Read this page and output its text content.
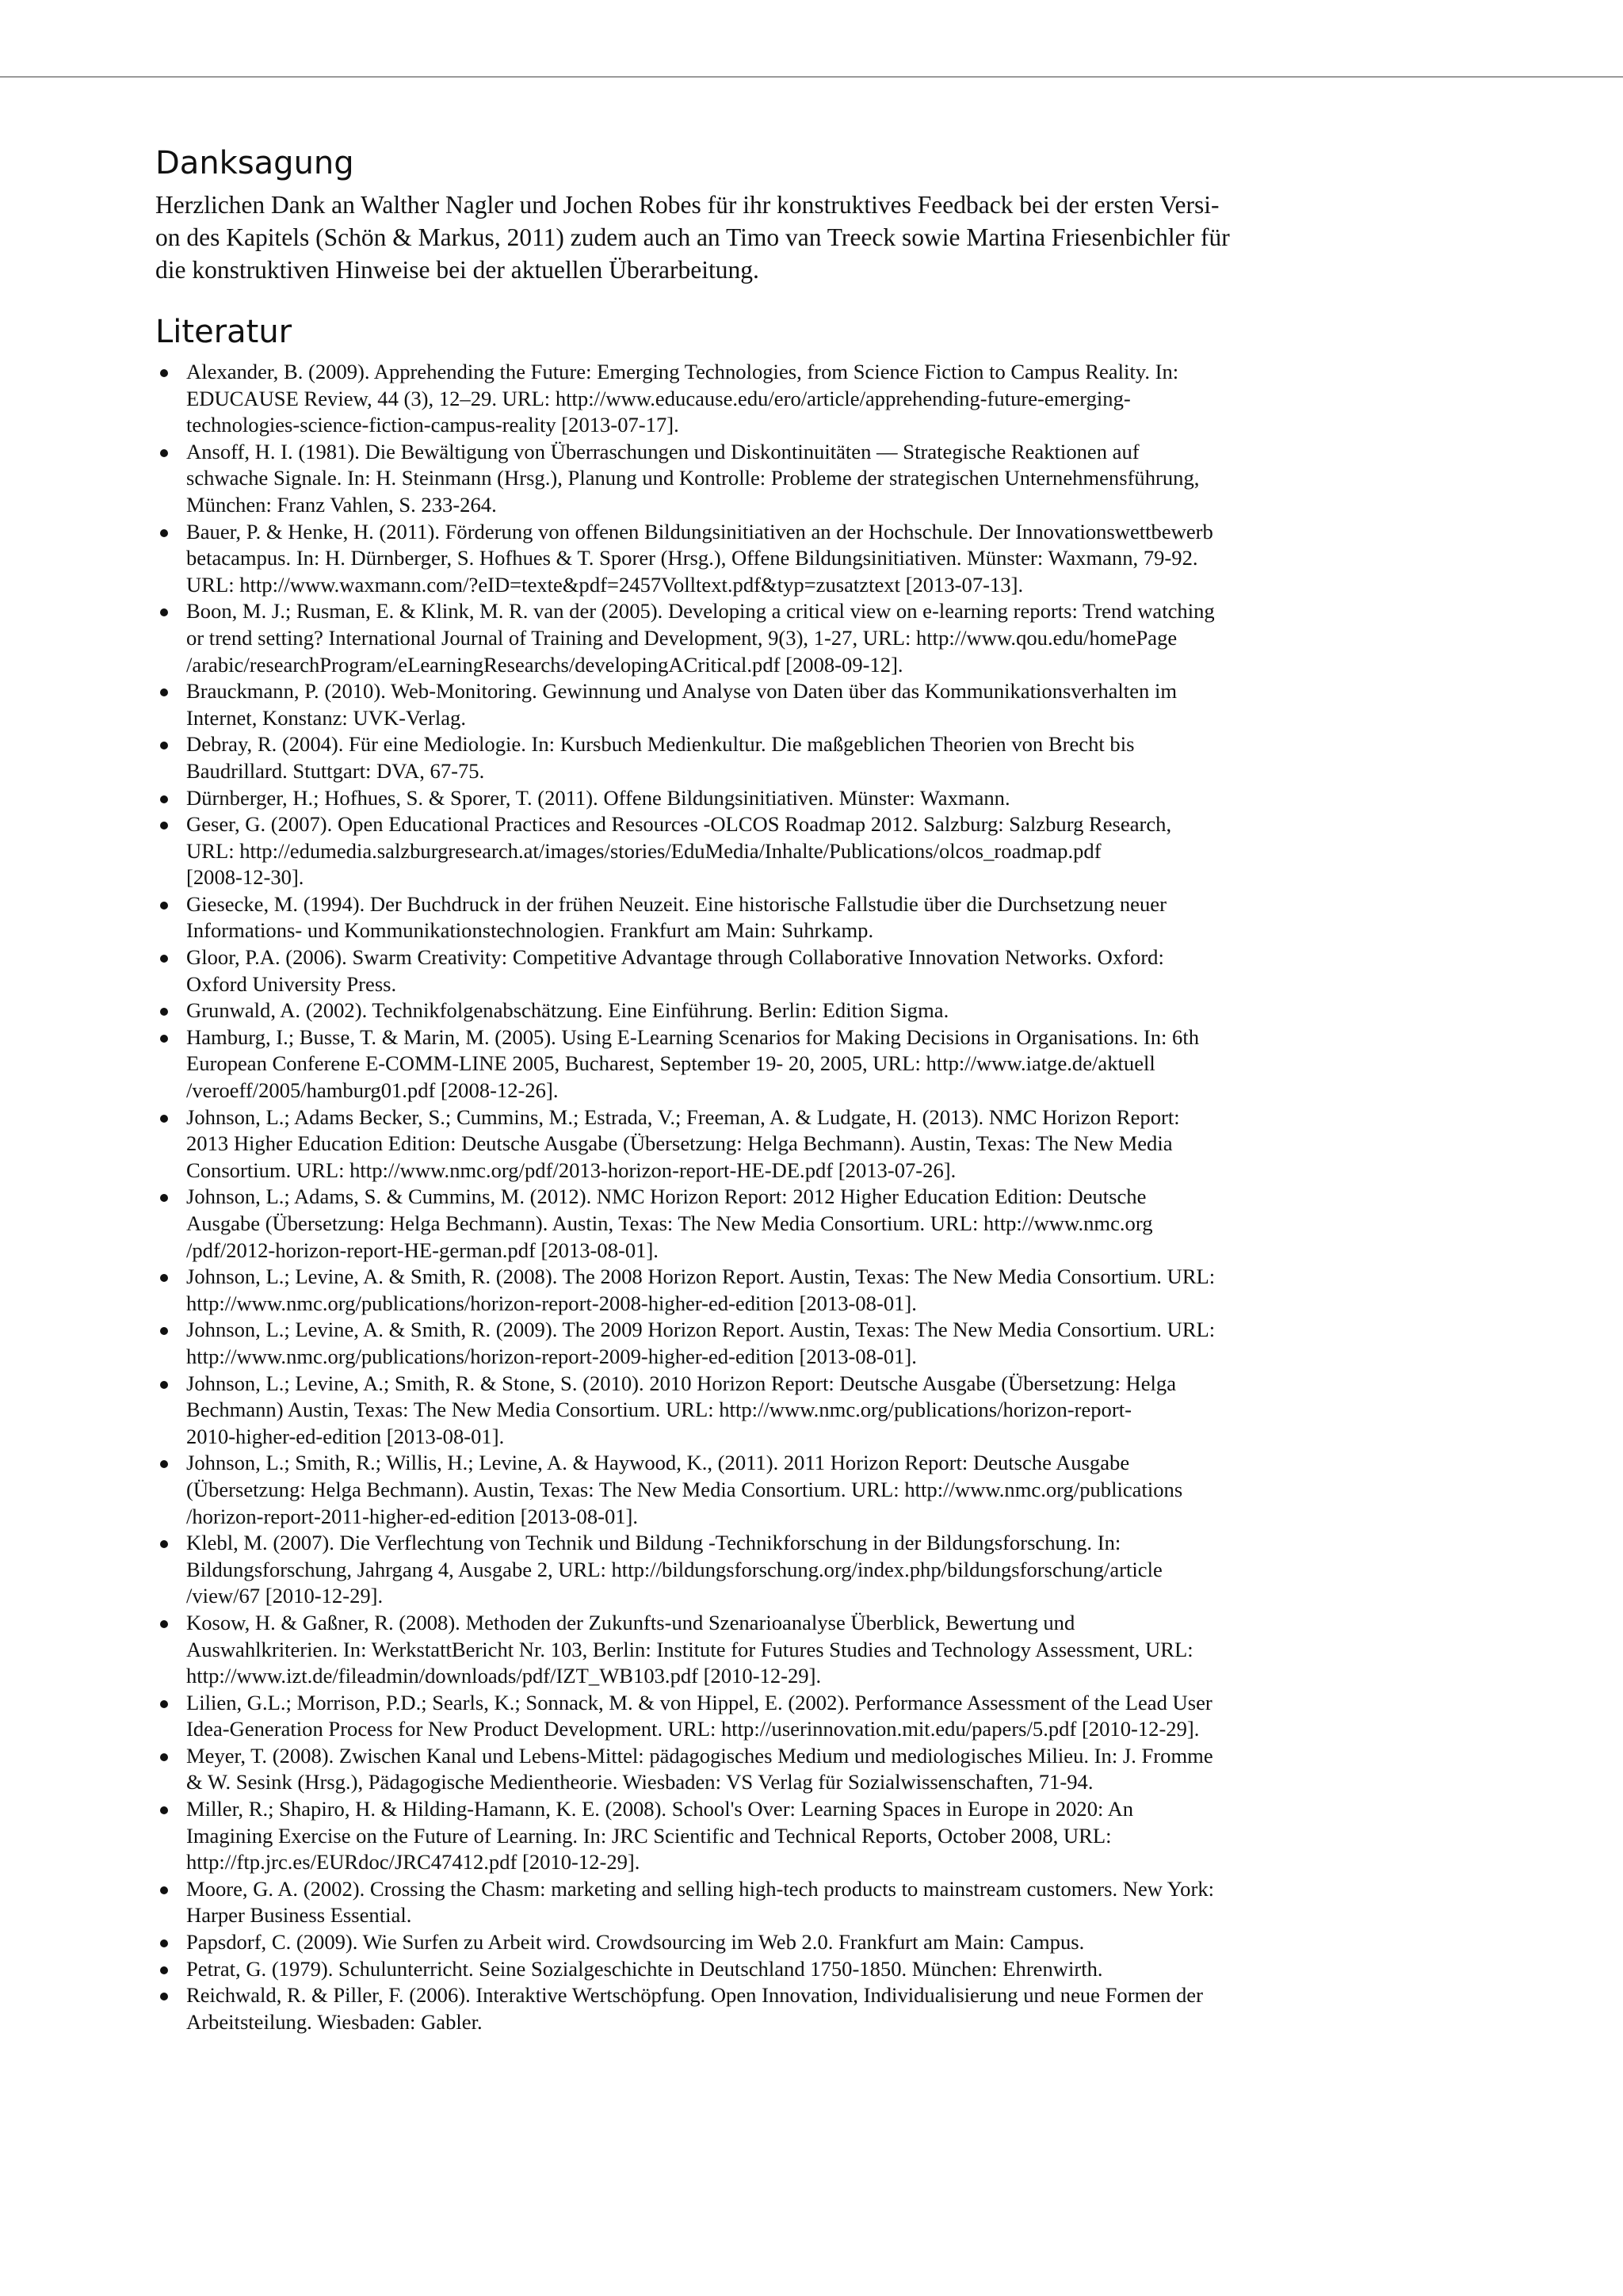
Danksagung

Herzlichen Dank an Walther Nagler und Jochen Robes für ihr konstruktives Feedback bei der ersten Versi-
on des Kapitels (Schön & Markus, 2011) zudem auch an Timo van Treeck sowie Martina Friesenbichler für
die konstruktiven Hinweise bei der aktuellen Überarbeitung.

Literatur
Alexander, B. (2009). Apprehending the Future: Emerging Technologies, from Science Fiction to Campus Reality. In:
EDUCAUSE Review, 44 (3), 12–29. URL: http://www.educause.edu/ero/article/apprehending-future-emerging-
technologies-science-fiction-campus-reality [2013-07-17].
Ansoff, H. I. (1981). Die Bewältigung von Überraschungen und Diskontinuitäten — Strategische Reaktionen auf
schwache Signale. In: H. Steinmann (Hrsg.), Planung und Kontrolle: Probleme der strategischen Unternehmensführung,
München: Franz Vahlen, S. 233-264.
Bauer, P. & Henke, H. (2011). Förderung von offenen Bildungsinitiativen an der Hochschule. Der Innovationswettbewerb
betacampus. In: H. Dürnberger, S. Hofhues & T. Sporer (Hrsg.), Offene Bildungsinitiativen. Münster: Waxmann, 79-92.
URL: http://www.waxmann.com/?eID=texte&pdf=2457Volltext.pdf&typ=zusatztext [2013-07-13].
Boon, M. J.; Rusman, E. & Klink, M. R. van der (2005). Developing a critical view on e-learning reports: Trend watching
or trend setting? International Journal of Training and Development, 9(3), 1-27, URL: http://www.qou.edu/homePage
/arabic/researchProgram/eLearningResearchs/developingACritical.pdf [2008-09-12].
Brauckmann, P. (2010). Web-Monitoring. Gewinnung und Analyse von Daten über das Kommunikationsverhalten im
Internet, Konstanz: UVK-Verlag.
Debray, R. (2004). Für eine Mediologie. In: Kursbuch Medienkultur. Die maßgeblichen Theorien von Brecht bis
Baudrillard. Stuttgart: DVA, 67-75.
Dürnberger, H.; Hofhues, S. & Sporer, T. (2011). Offene Bildungsinitiativen. Münster: Waxmann.
Geser, G. (2007). Open Educational Practices and Resources -OLCOS Roadmap 2012. Salzburg: Salzburg Research,
URL: http://edumedia.salzburgresearch.at/images/stories/EduMedia/Inhalte/Publications/olcos_roadmap.pdf
[2008-12-30].
Giesecke, M. (1994). Der Buchdruck in der frühen Neuzeit. Eine historische Fallstudie über die Durchsetzung neuer
Informations- und Kommunikationstechnologien. Frankfurt am Main: Suhrkamp.
Gloor, P.A. (2006). Swarm Creativity: Competitive Advantage through Collaborative Innovation Networks. Oxford:
Oxford University Press.
Grunwald, A. (2002). Technikfolgenabschätzung. Eine Einführung. Berlin: Edition Sigma.
Hamburg, I.; Busse, T. & Marin, M. (2005). Using E-Learning Scenarios for Making Decisions in Organisations. In: 6th
European Conferene E-COMM-LINE 2005, Bucharest, September 19- 20, 2005, URL: http://www.iatge.de/aktuell
/veroeff/2005/hamburg01.pdf [2008-12-26].
Johnson, L.; Adams Becker, S.; Cummins, M.; Estrada, V.; Freeman, A. & Ludgate, H. (2013). NMC Horizon Report:
2013 Higher Education Edition: Deutsche Ausgabe (Übersetzung: Helga Bechmann). Austin, Texas: The New Media
Consortium. URL: http://www.nmc.org/pdf/2013-horizon-report-HE-DE.pdf [2013-07-26].
Johnson, L.; Adams, S. & Cummins, M. (2012). NMC Horizon Report: 2012 Higher Education Edition: Deutsche
Ausgabe (Übersetzung: Helga Bechmann). Austin, Texas: The New Media Consortium. URL: http://www.nmc.org
/pdf/2012-horizon-report-HE-german.pdf [2013-08-01].
Johnson, L.; Levine, A. & Smith, R. (2008). The 2008 Horizon Report. Austin, Texas: The New Media Consortium. URL:
http://www.nmc.org/publications/horizon-report-2008-higher-ed-edition [2013-08-01].
Johnson, L.; Levine, A. & Smith, R. (2009). The 2009 Horizon Report. Austin, Texas: The New Media Consortium. URL:
http://www.nmc.org/publications/horizon-report-2009-higher-ed-edition [2013-08-01].
Johnson, L.; Levine, A.; Smith, R. & Stone, S. (2010). 2010 Horizon Report: Deutsche Ausgabe (Übersetzung: Helga
Bechmann) Austin, Texas: The New Media Consortium. URL: http://www.nmc.org/publications/horizon-report-
2010-higher-ed-edition [2013-08-01].
Johnson, L.; Smith, R.; Willis, H.; Levine, A. & Haywood, K., (2011). 2011 Horizon Report: Deutsche Ausgabe
(Übersetzung: Helga Bechmann). Austin, Texas: The New Media Consortium. URL: http://www.nmc.org/publications
/horizon-report-2011-higher-ed-edition [2013-08-01].
Klebl, M. (2007). Die Verflechtung von Technik und Bildung -Technikforschung in der Bildungsforschung. In:
Bildungsforschung, Jahrgang 4, Ausgabe 2, URL: http://bildungsforschung.org/index.php/bildungsforschung/article
/view/67 [2010-12-29].
Kosow, H. & Gaßner, R. (2008). Methoden der Zukunfts-und Szenarioanalyse Überblick, Bewertung und
Auswahlkriterien. In: WerkstattBericht Nr. 103, Berlin: Institute for Futures Studies and Technology Assessment, URL:
http://www.izt.de/fileadmin/downloads/pdf/IZT_WB103.pdf [2010-12-29].
Lilien, G.L.; Morrison, P.D.; Searls, K.; Sonnack, M. & von Hippel, E. (2002). Performance Assessment of the Lead User
Idea-Generation Process for New Product Development. URL: http://userinnovation.mit.edu/papers/5.pdf [2010-12-29].
Meyer, T. (2008). Zwischen Kanal und Lebens-Mittel: pädagogisches Medium und mediologisches Milieu. In: J. Fromme
& W. Sesink (Hrsg.), Pädagogische Medientheorie. Wiesbaden: VS Verlag für Sozialwissenschaften, 71-94.
Miller, R.; Shapiro, H. & Hilding-Hamann, K. E. (2008). School's Over: Learning Spaces in Europe in 2020: An
Imagining Exercise on the Future of Learning. In: JRC Scientific and Technical Reports, October 2008, URL:
http://ftp.jrc.es/EURdoc/JRC47412.pdf [2010-12-29].
Moore, G. A. (2002). Crossing the Chasm: marketing and selling high-tech products to mainstream customers. New York:
Harper Business Essential.
Papsdorf, C. (2009). Wie Surfen zu Arbeit wird. Crowdsourcing im Web 2.0. Frankfurt am Main: Campus.
Petrat, G. (1979). Schulunterricht. Seine Sozialgeschichte in Deutschland 1750-1850. München: Ehrenwirth.
Reichwald, R. & Piller, F. (2006). Interaktive Wertschöpfung. Open Innovation, Individualisierung und neue Formen der
Arbeitsteilung. Wiesbaden: Gabler.
